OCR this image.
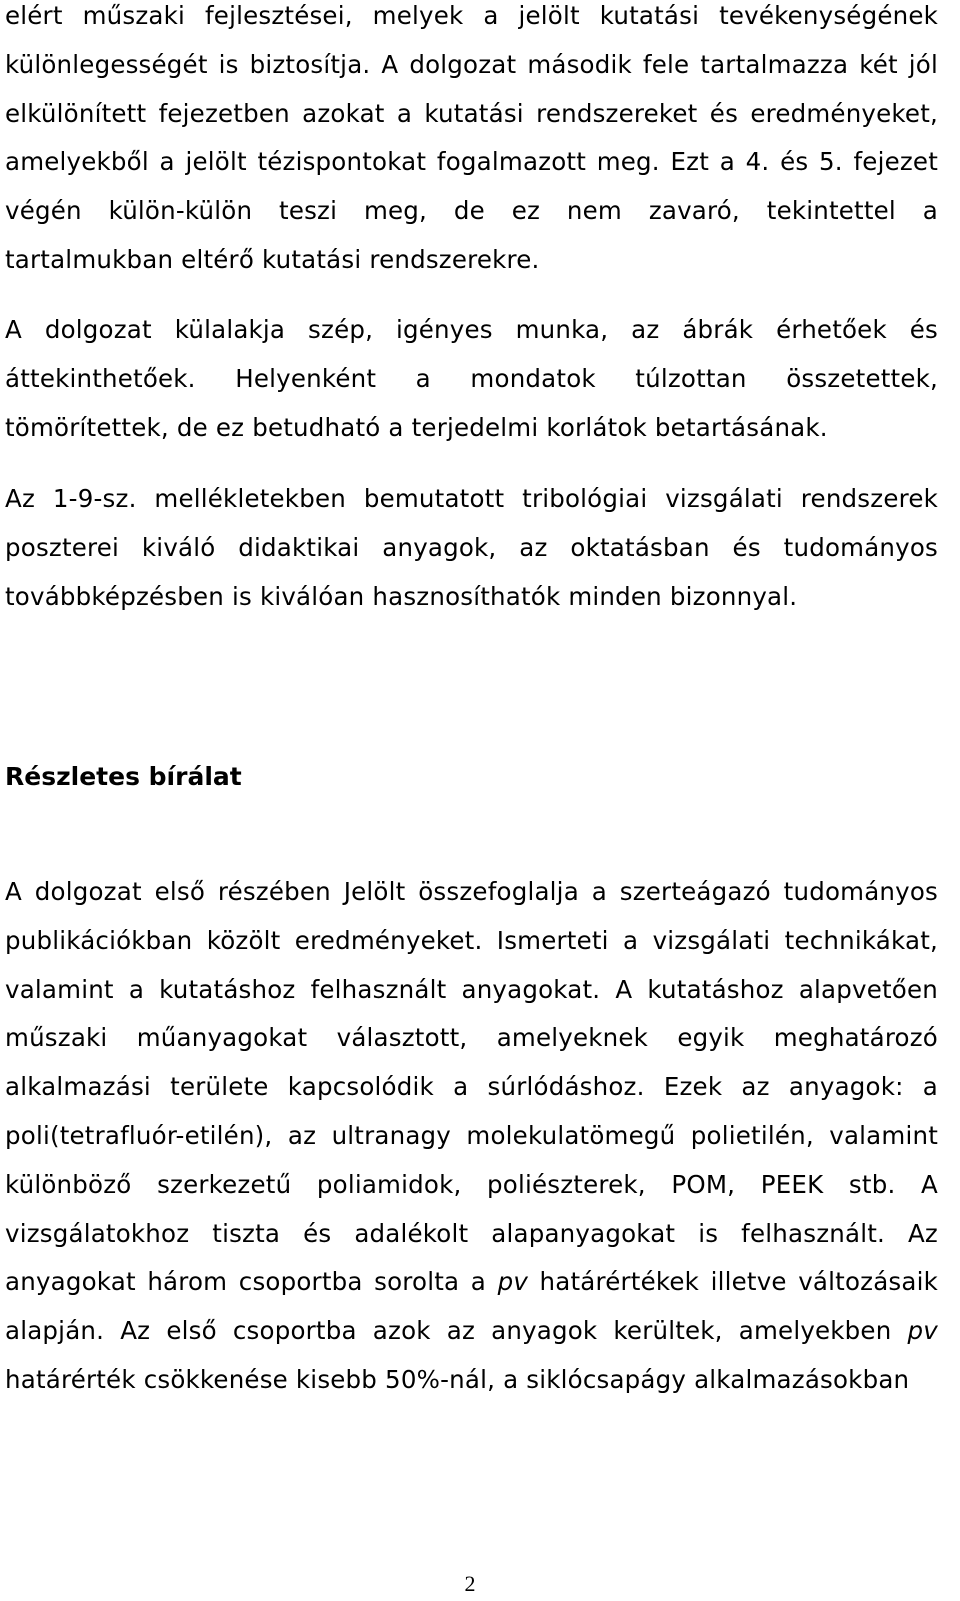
elért műszaki fejlesztései, melyek a jelölt kutatási tevékenységének különlegességét is biztosítja. A dolgozat második fele tartalmazza két jól elkülönített fejezetben azokat a kutatási rendszereket és eredményeket, amelyekből a jelölt tézispontokat fogalmazott meg. Ezt a 4. és 5. fejezet végén külön-külön teszi meg, de ez nem zavaró, tekintettel a tartalmukban eltérő kutatási rendszerekre.

A dolgozat külalakja szép, igényes munka, az ábrák érhetőek és áttekinthetőek. Helyenként a mondatok túlzottan összetettek, tömörítettek, de ez betudható a terjedelmi korlátok betartásának.

Az 1-9-sz. mellékletekben bemutatott tribológiai vizsgálati rendszerek poszterei kiváló didaktikai anyagok, az oktatásban és tudományos továbbképzésben is kiválóan hasznosíthatók minden bizonnyal.

Részletes bírálat

A dolgozat első részében Jelölt összefoglalja a szerteágazó tudományos publikációkban közölt eredményeket. Ismerteti a vizsgálati technikákat, valamint a kutatáshoz felhasznált anyagokat. A kutatáshoz alapvetően műszaki műanyagokat választott, amelyeknek egyik meghatározó alkalmazási területe kapcsolódik a súrlódáshoz. Ezek az anyagok: a poli(tetrafluór-etilén), az ultranagy molekulatömegű polietilén, valamint különböző szerkezetű poliamidok, poliészterek, POM, PEEK stb. A vizsgálatokhoz tiszta és adalékolt alapanyagokat is felhasznált. Az anyagokat három csoportba sorolta a pv határértékek illetve változásaik alapján. Az első csoportba azok az anyagok kerültek, amelyekben pv határérték csökkenése kisebb 50%-nál, a siklócsapágy alkalmazásokban

2
